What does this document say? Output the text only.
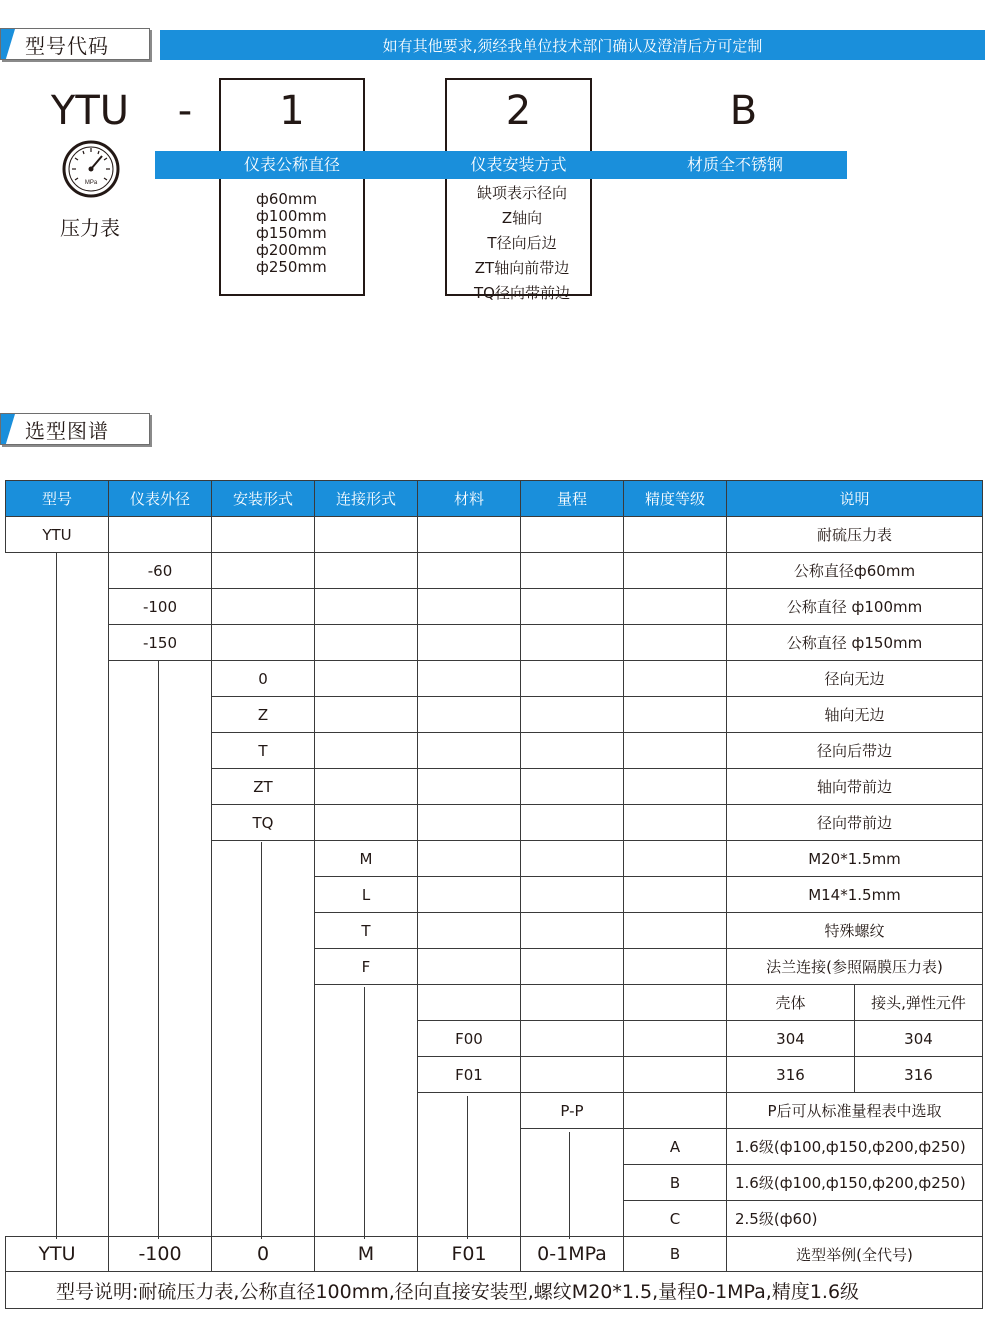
型号代码	如有其他要求,须经我单位技术部门确认及澄清后方可定制
YTU -	1	2	B
MPa
压力表
仪表公称直径	仪表安装方式	材质全不锈钢
ф60mm
ф100mm
ф150mm
ф200mm
ф250mm
缺项表示径向
Z轴向
T径向后边
ZT轴向前带边
TQ径向带前边
选型图谱
型号	仪表外径	安装形式	连接形式	材料	量程	精度等级	说明	
YTU							耐硫压力表	
	-60						公称直径ф60mm	
	-100						公称直径 ф100mm	
	-150						公称直径 ф150mm	
		0					径向无边	
		Z					轴向无边	
		T					径向后带边	
		ZT					轴向带前边	
		TQ					径向带前边	
			M				M20*1.5mm	
			L				M14*1.5mm	
			T				特殊螺纹	
			F				法兰连接(参照隔膜压力表)	
							壳体	接头,弹性元件
				F00			304	304
				F01			316	316
					P-P		P后可从标准量程表中选取	
						A	1.6级(ф100,ф150,ф200,ф250)	
						B	1.6级(ф100,ф150,ф200,ф250)	
						C	2.5级(ф60)	
YTU	-100	0	M	F01	0-1MPa	B	选型举例(全代号)	
型号说明:耐硫压力表,公称直径100mm,径向直接安装型,螺纹M20*1.5,量程0-1MPa,精度1.6级								
